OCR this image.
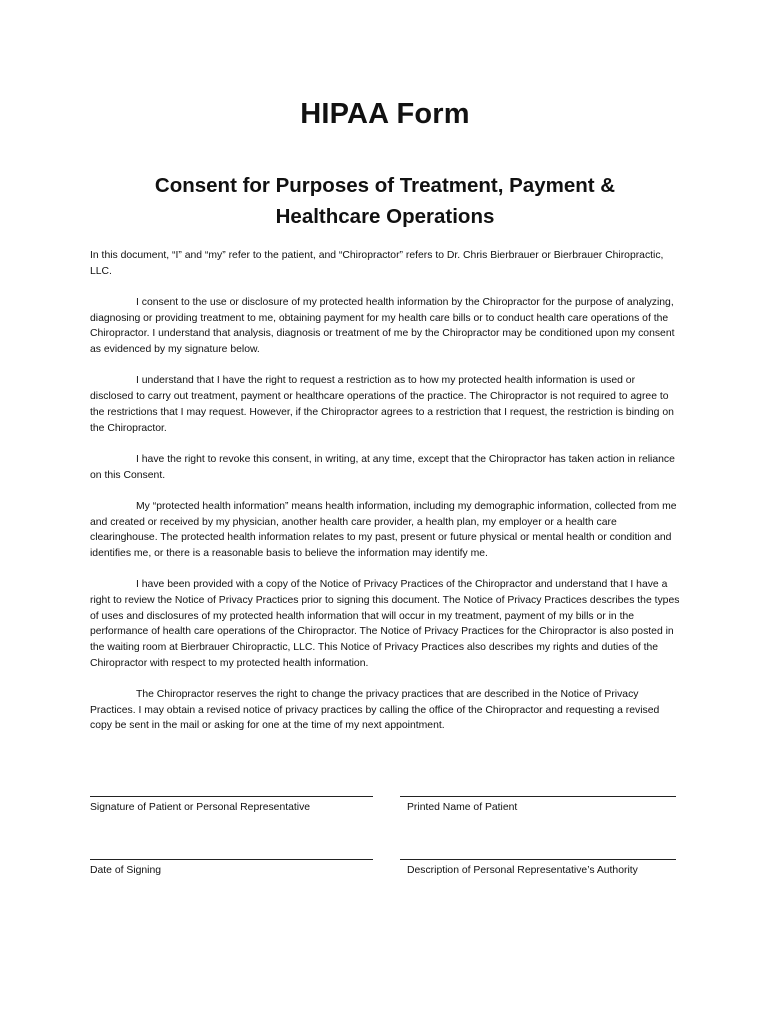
HIPAA Form
Consent for Purposes of Treatment, Payment & Healthcare Operations

In this document, “I” and “my” refer to the patient, and “Chiropractor” refers to Dr. Chris Bierbrauer or Bierbrauer Chiropractic, LLC.

I consent to the use or disclosure of my protected health information by the Chiropractor for the purpose of analyzing, diagnosing or providing treatment to me, obtaining payment for my health care bills or to conduct health care operations of the Chiropractor. I understand that analysis, diagnosis or treatment of me by the Chiropractor may be conditioned upon my consent as evidenced by my signature below.

I understand that I have the right to request a restriction as to how my protected health information is used or disclosed to carry out treatment, payment or healthcare operations of the practice. The Chiropractor is not required to agree to the restrictions that I may request. However, if the Chiropractor agrees to a restriction that I request, the restriction is binding on the Chiropractor.

I have the right to revoke this consent, in writing, at any time, except that the Chiropractor has taken action in reliance on this Consent.

My “protected health information” means health information, including my demographic information, collected from me and created or received by my physician, another health care provider, a health plan, my employer or a health care clearinghouse. The protected health information relates to my past, present or future physical or mental health or condition and identifies me, or there is a reasonable basis to believe the information may identify me.

I have been provided with a copy of the Notice of Privacy Practices of the Chiropractor and understand that I have a right to review the Notice of Privacy Practices prior to signing this document. The Notice of Privacy Practices describes the types of uses and disclosures of my protected health information that will occur in my treatment, payment of my bills or in the performance of health care operations of the Chiropractor. The Notice of Privacy Practices for the Chiropractor is also posted in the waiting room at Bierbrauer Chiropractic, LLC. This Notice of Privacy Practices also describes my rights and duties of the Chiropractor with respect to my protected health information.

The Chiropractor reserves the right to change the privacy practices that are described in the Notice of Privacy Practices. I may obtain a revised notice of privacy practices by calling the office of the Chiropractor and requesting a revised copy be sent in the mail or asking for one at the time of my next appointment.

Signature of Patient or Personal Representative	Printed Name of Patient
Date of Signing	Description of Personal Representative’s Authority
